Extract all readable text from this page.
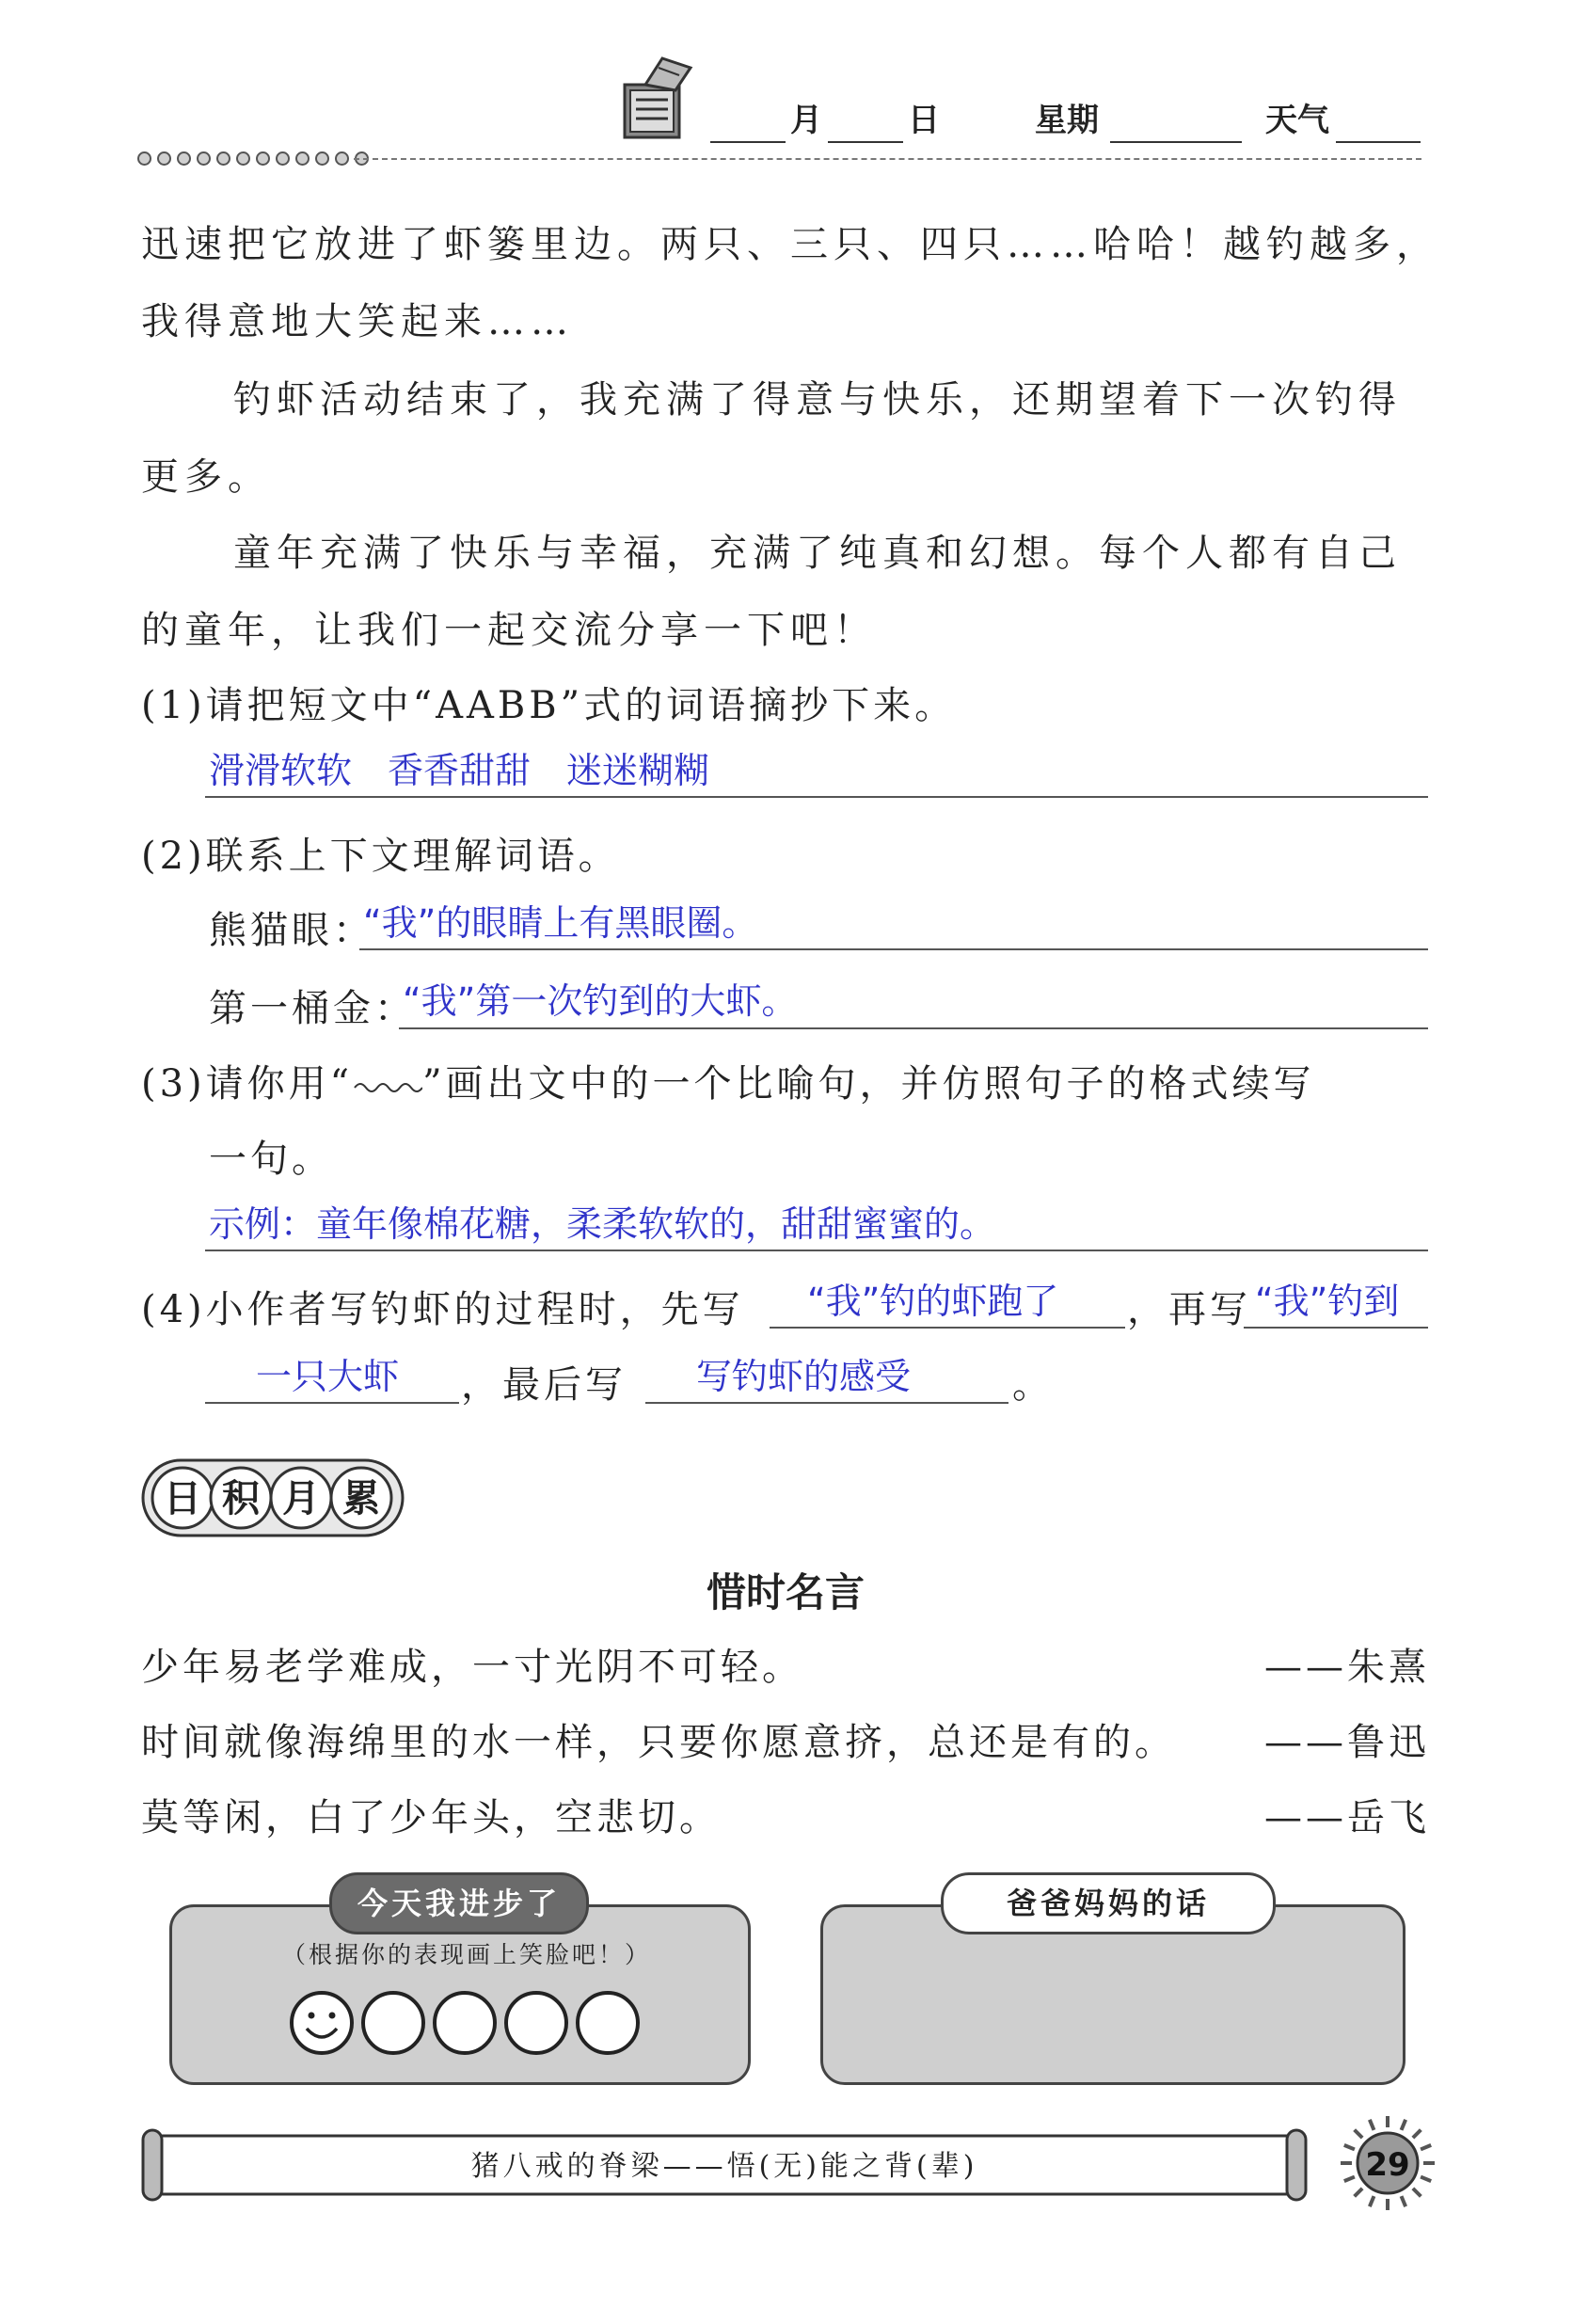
月	日	星期	天气
迅速把它放进了虾篓里边。两只、三只、四只……哈哈！越钓越多，
我得意地大笑起来……
钓虾活动结束了，我充满了得意与快乐，还期望着下一次钓得
更多。
童年充满了快乐与幸福，充满了纯真和幻想。每个人都有自己
的童年，让我们一起交流分享一下吧！
(1)请把短文中“AABB”式的词语摘抄下来。
滑滑软软　香香甜甜　迷迷糊糊
(2)联系上下文理解词语。
熊猫眼：
“我”的眼睛上有黑眼圈。
第一桶金：
“我”第一次钓到的大虾。
(3)请你用“ ”画出文中的一个比喻句，并仿照句子的格式续写
一句。
示例：童年像棉花糖，柔柔软软的，甜甜蜜蜜的。
(4)小作者写钓虾的过程时，先写 “我”钓的虾跑了 ，再写 “我”钓到
一只大虾 ，最后写 写钓虾的感受	。
日 积 月 累
惜时名言
少年易老学难成，一寸光阴不可轻。	——朱熹
时间就像海绵里的水一样，只要你愿意挤，总还是有的。 ——鲁迅
莫等闲，白了少年头，空悲切。	——岳飞
今天我进步了
（根据你的表现画上笑脸吧！）
爸爸妈妈的话
猪八戒的脊梁——悟(无)能之背(辈)	29
